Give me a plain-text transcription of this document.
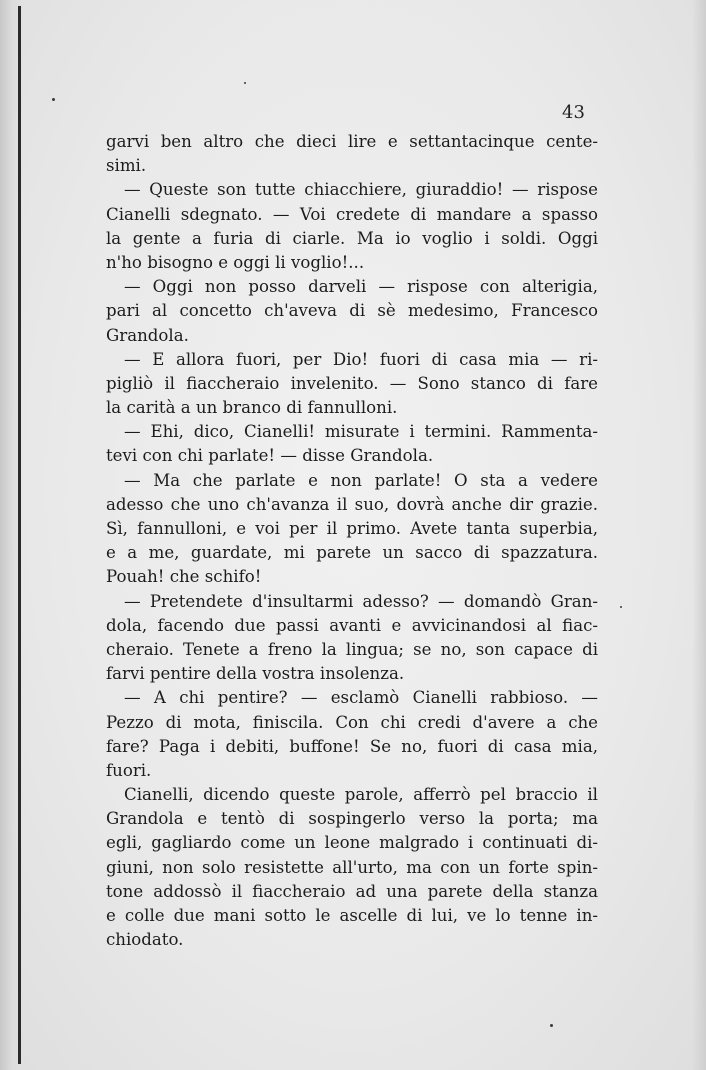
43

garvi ben altro che dieci lire e settantacinque cente-
simi.
— Queste son tutte chiacchiere, giuraddio! — rispose
Cianelli sdegnato. — Voi credete di mandare a spasso
la gente a furia di ciarle. Ma io voglio i soldi. Oggi
n'ho bisogno e oggi li voglio!...
— Oggi non posso darveli — rispose con alterigia,
pari al concetto ch'aveva di sè medesimo, Francesco
Grandola.
— E allora fuori, per Dio! fuori di casa mia — ri-
pigliò il fiaccheraio invelenito. — Sono stanco di fare
la carità a un branco di fannulloni.
— Ehi, dico, Cianelli! misurate i termini. Rammenta-
tevi con chi parlate! — disse Grandola.
— Ma che parlate e non parlate! O sta a vedere
adesso che uno ch'avanza il suo, dovrà anche dir grazie.
Sì, fannulloni, e voi per il primo. Avete tanta superbia,
e a me, guardate, mi parete un sacco di spazzatura.
Pouah! che schifo!
— Pretendete d'insultarmi adesso? — domandò Gran-
dola, facendo due passi avanti e avvicinandosi al fiac-
cheraio. Tenete a freno la lingua; se no, son capace di
farvi pentire della vostra insolenza.
— A chi pentire? — esclamò Cianelli rabbioso. —
Pezzo di mota, finiscila. Con chi credi d'avere a che
fare? Paga i debiti, buffone! Se no, fuori di casa mia,
fuori.
Cianelli, dicendo queste parole, afferrò pel braccio il
Grandola e tentò di sospingerlo verso la porta; ma
egli, gagliardo come un leone malgrado i continuati di-
giuni, non solo resistette all'urto, ma con un forte spin-
tone addossò il fiaccheraio ad una parete della stanza
e colle due mani sotto le ascelle di lui, ve lo tenne in-
chiodato.
